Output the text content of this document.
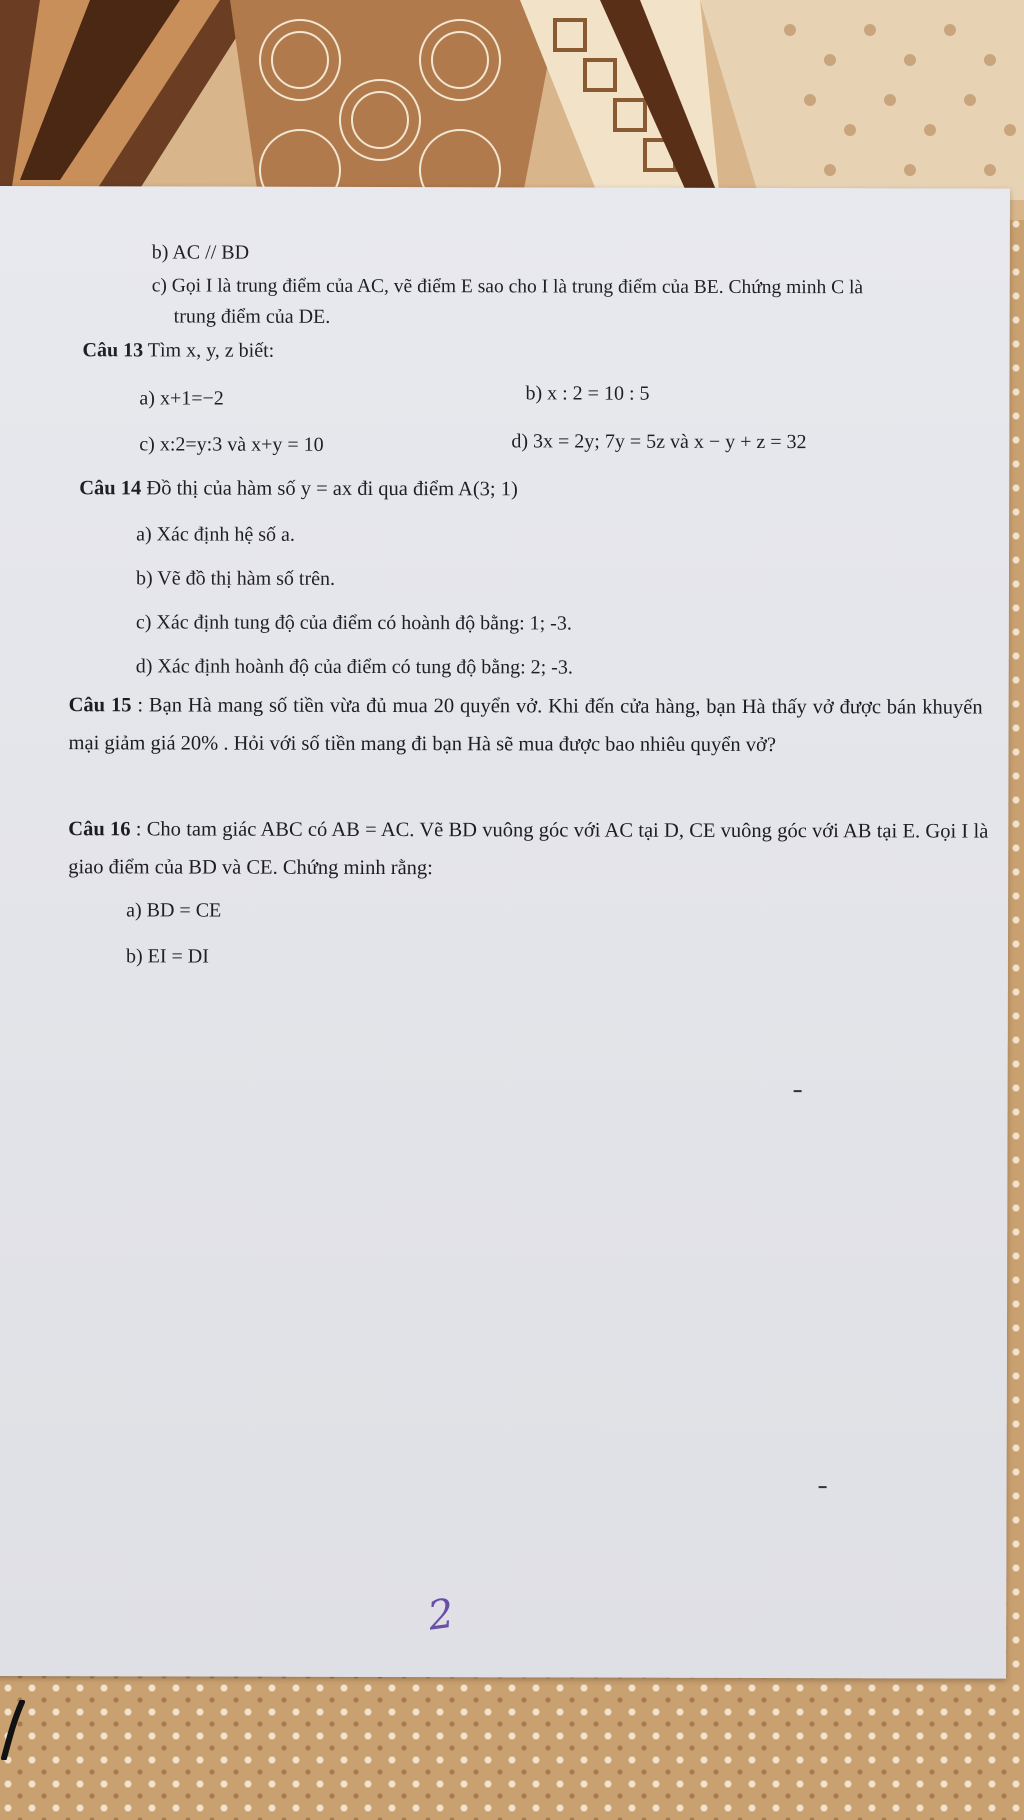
b) AC // BD
c) Gọi I là trung điểm của AC, vẽ điểm E sao cho I là trung điểm của BE. Chứng minh C là
trung điểm của DE.
Câu 13 Tìm x, y, z biết:
a) x+1=−2	b) x : 2 = 10 : 5
c) x:2=y:3 và x+y = 10	d) 3x = 2y; 7y = 5z và x − y + z = 32
Câu 14 Đồ thị của hàm số y = ax đi qua điểm A(3; 1)
a) Xác định hệ số a.
b) Vẽ đồ thị hàm số trên.
c) Xác định tung độ của điểm có hoành độ bằng: 1; -3.
d) Xác định hoành độ của điểm có tung độ bằng: 2; -3.
Câu 15 : Bạn Hà mang số tiền vừa đủ mua 20 quyển vở. Khi đến cửa hàng, bạn Hà thấy vở được bán khuyến mại giảm giá 20% . Hỏi với số tiền mang đi bạn Hà sẽ mua được bao nhiêu quyển vở?
Câu 16 : Cho tam giác ABC có AB = AC. Vẽ BD vuông góc với AC tại D, CE vuông góc với AB tại E. Gọi I là giao điểm của BD và CE. Chứng minh rằng:
a) BD = CE
b) EI = DI
2
